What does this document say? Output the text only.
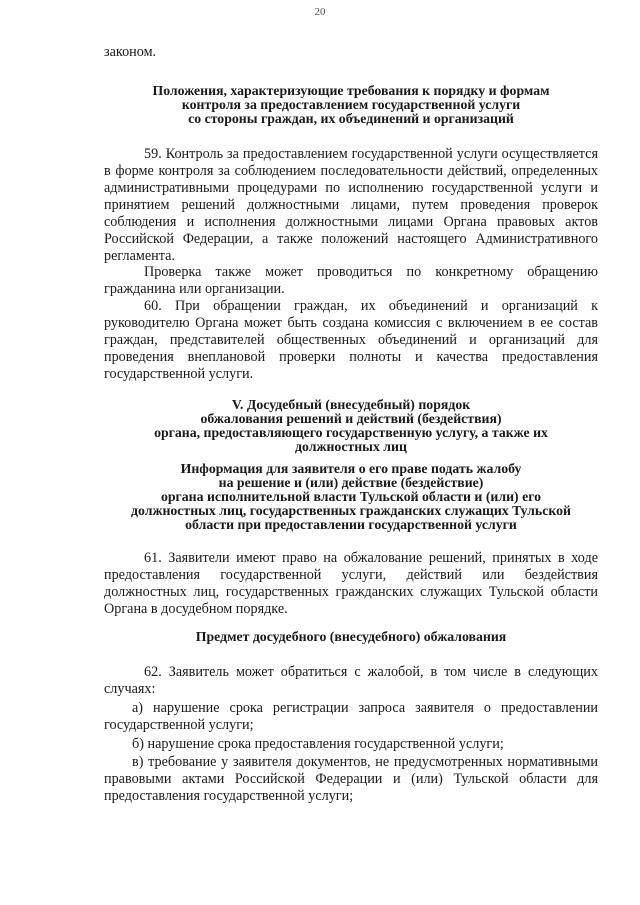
20

законом.

Положения, характеризующие требования к порядку и формам
контроля за предоставлением государственной услуги
со стороны граждан, их объединений и организаций

59. Контроль за предоставлением государственной услуги осуществляется в форме контроля за соблюдением последовательности действий, определенных административными процедурами по исполнению государственной услуги и принятием решений должностными лицами, путем проведения проверок соблюдения и исполнения должностными лицами Органа правовых актов Российской Федерации, а также положений настоящего Административного регламента.

Проверка также может проводиться по конкретному обращению гражданина или организации.

60. При обращении граждан, их объединений и организаций к руководителю Органа может быть создана комиссия с включением в ее состав граждан, представителей общественных объединений и организаций для проведения внеплановой проверки полноты и качества предоставления государственной услуги.

V. Досудебный (внесудебный) порядок
обжалования решений и действий (бездействия)
органа, предоставляющего государственную услугу, а также их
должностных лиц
Информация для заявителя о его праве подать жалобу
на решение и (или) действие (бездействие)
органа исполнительной власти Тульской области и (или) его
должностных лиц, государственных гражданских служащих Тульской
области при предоставлении государственной услуги

61. Заявители имеют право на обжалование решений, принятых в ходе предоставления государственной услуги, действий или бездействия должностных лиц, государственных гражданских служащих Тульской области Органа в досудебном порядке.

Предмет досудебного (внесудебного) обжалования

62. Заявитель может обратиться с жалобой, в том числе в следующих случаях:

а) нарушение срока регистрации запроса заявителя о предоставлении государственной услуги;

б) нарушение срока предоставления государственной услуги;

в) требование у заявителя документов, не предусмотренных нормативными правовыми актами Российской Федерации и (или) Тульской области для предоставления государственной услуги;
